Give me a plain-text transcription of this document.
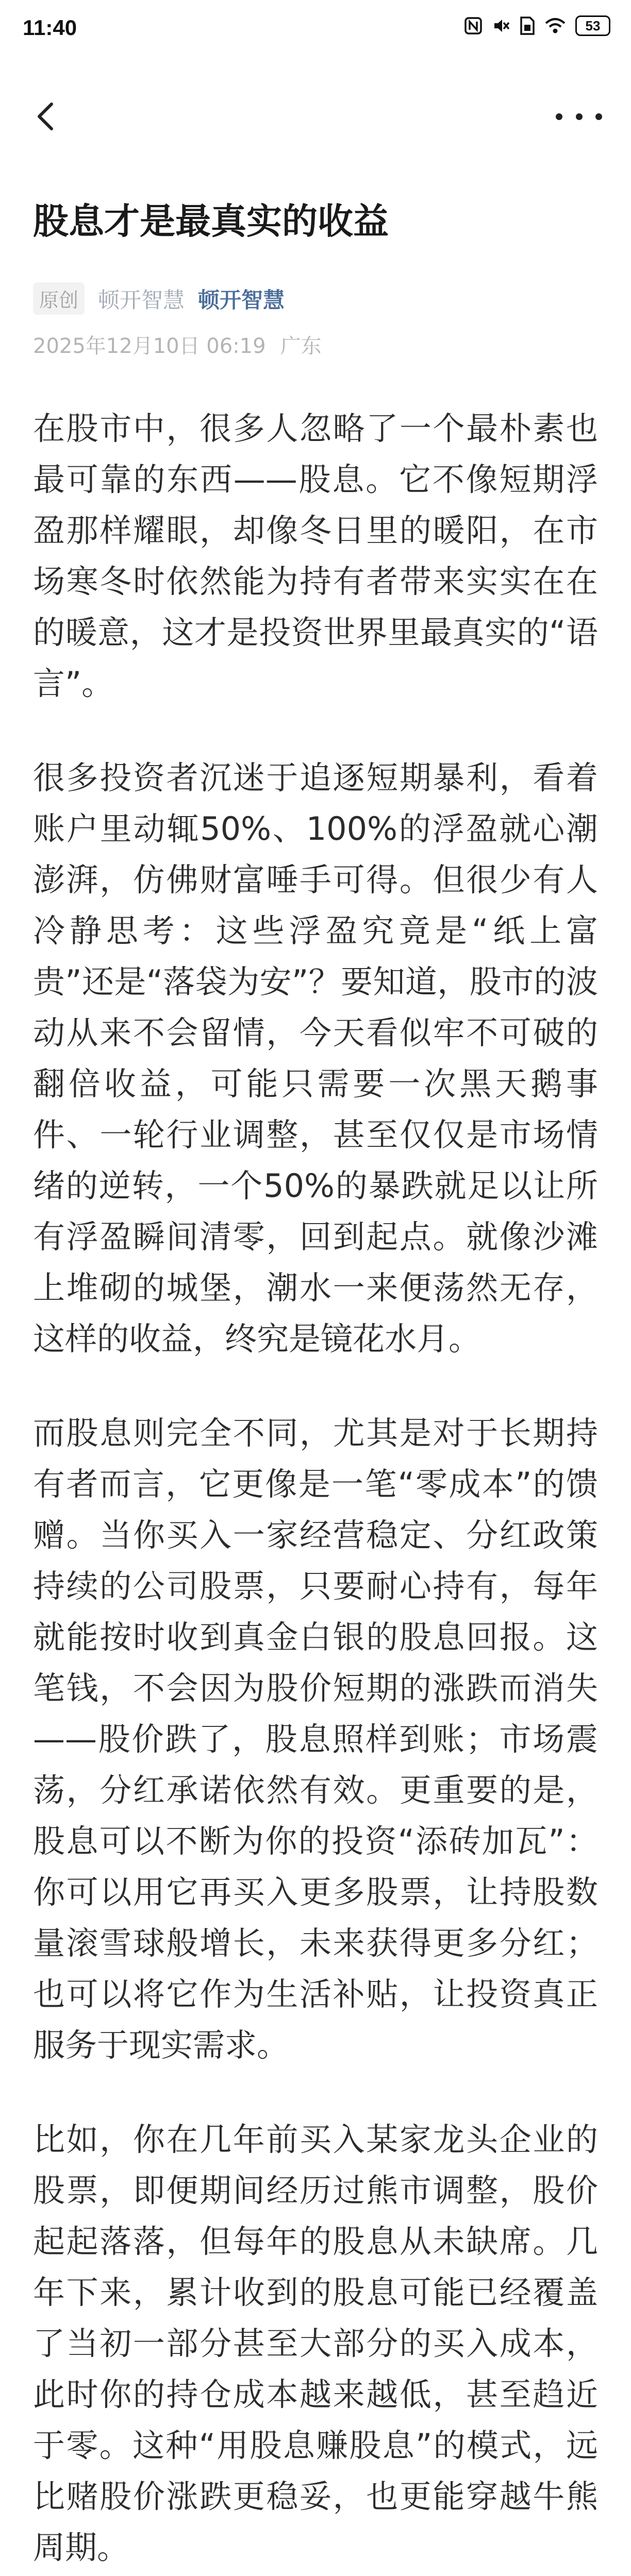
11:40	53
股息才是最真实的收益
原创 顿开智慧 顿开智慧
2025年12月10日 06:19 广东

在股市中，很多人忽略了一个最朴素也最可靠的东西——股息。它不像短期浮盈那样耀眼，却像冬日里的暖阳，在市场寒冬时依然能为持有者带来实实在在的暖意，这才是投资世界里最真实的“语言”。

很多投资者沉迷于追逐短期暴利，看着账户里动辄50%、100%的浮盈就心潮澎湃，仿佛财富唾手可得。但很少有人冷静思考：这些浮盈究竟是“纸上富贵”还是“落袋为安”？要知道，股市的波动从来不会留情，今天看似牢不可破的翻倍收益，可能只需要一次黑天鹅事件、一轮行业调整，甚至仅仅是市场情绪的逆转，一个50%的暴跌就足以让所有浮盈瞬间清零，回到起点。就像沙滩上堆砌的城堡，潮水一来便荡然无存，这样的收益，终究是镜花水月。

而股息则完全不同，尤其是对于长期持有者而言，它更像是一笔“零成本”的馈赠。当你买入一家经营稳定、分红政策持续的公司股票，只要耐心持有，每年就能按时收到真金白银的股息回报。这笔钱，不会因为股价短期的涨跌而消失——股价跌了，股息照样到账；市场震荡，分红承诺依然有效。更重要的是，股息可以不断为你的投资“添砖加瓦”：你可以用它再买入更多股票，让持股数量滚雪球般增长，未来获得更多分红；也可以将它作为生活补贴，让投资真正服务于现实需求。

比如，你在几年前买入某家龙头企业的股票，即便期间经历过熊市调整，股价起起落落，但每年的股息从未缺席。几年下来，累计收到的股息可能已经覆盖了当初一部分甚至大部分的买入成本，此时你的持仓成本越来越低，甚至趋近于零。这种“用股息赚股息”的模式，远比赌股价涨跌更稳妥，也更能穿越牛熊周期。
